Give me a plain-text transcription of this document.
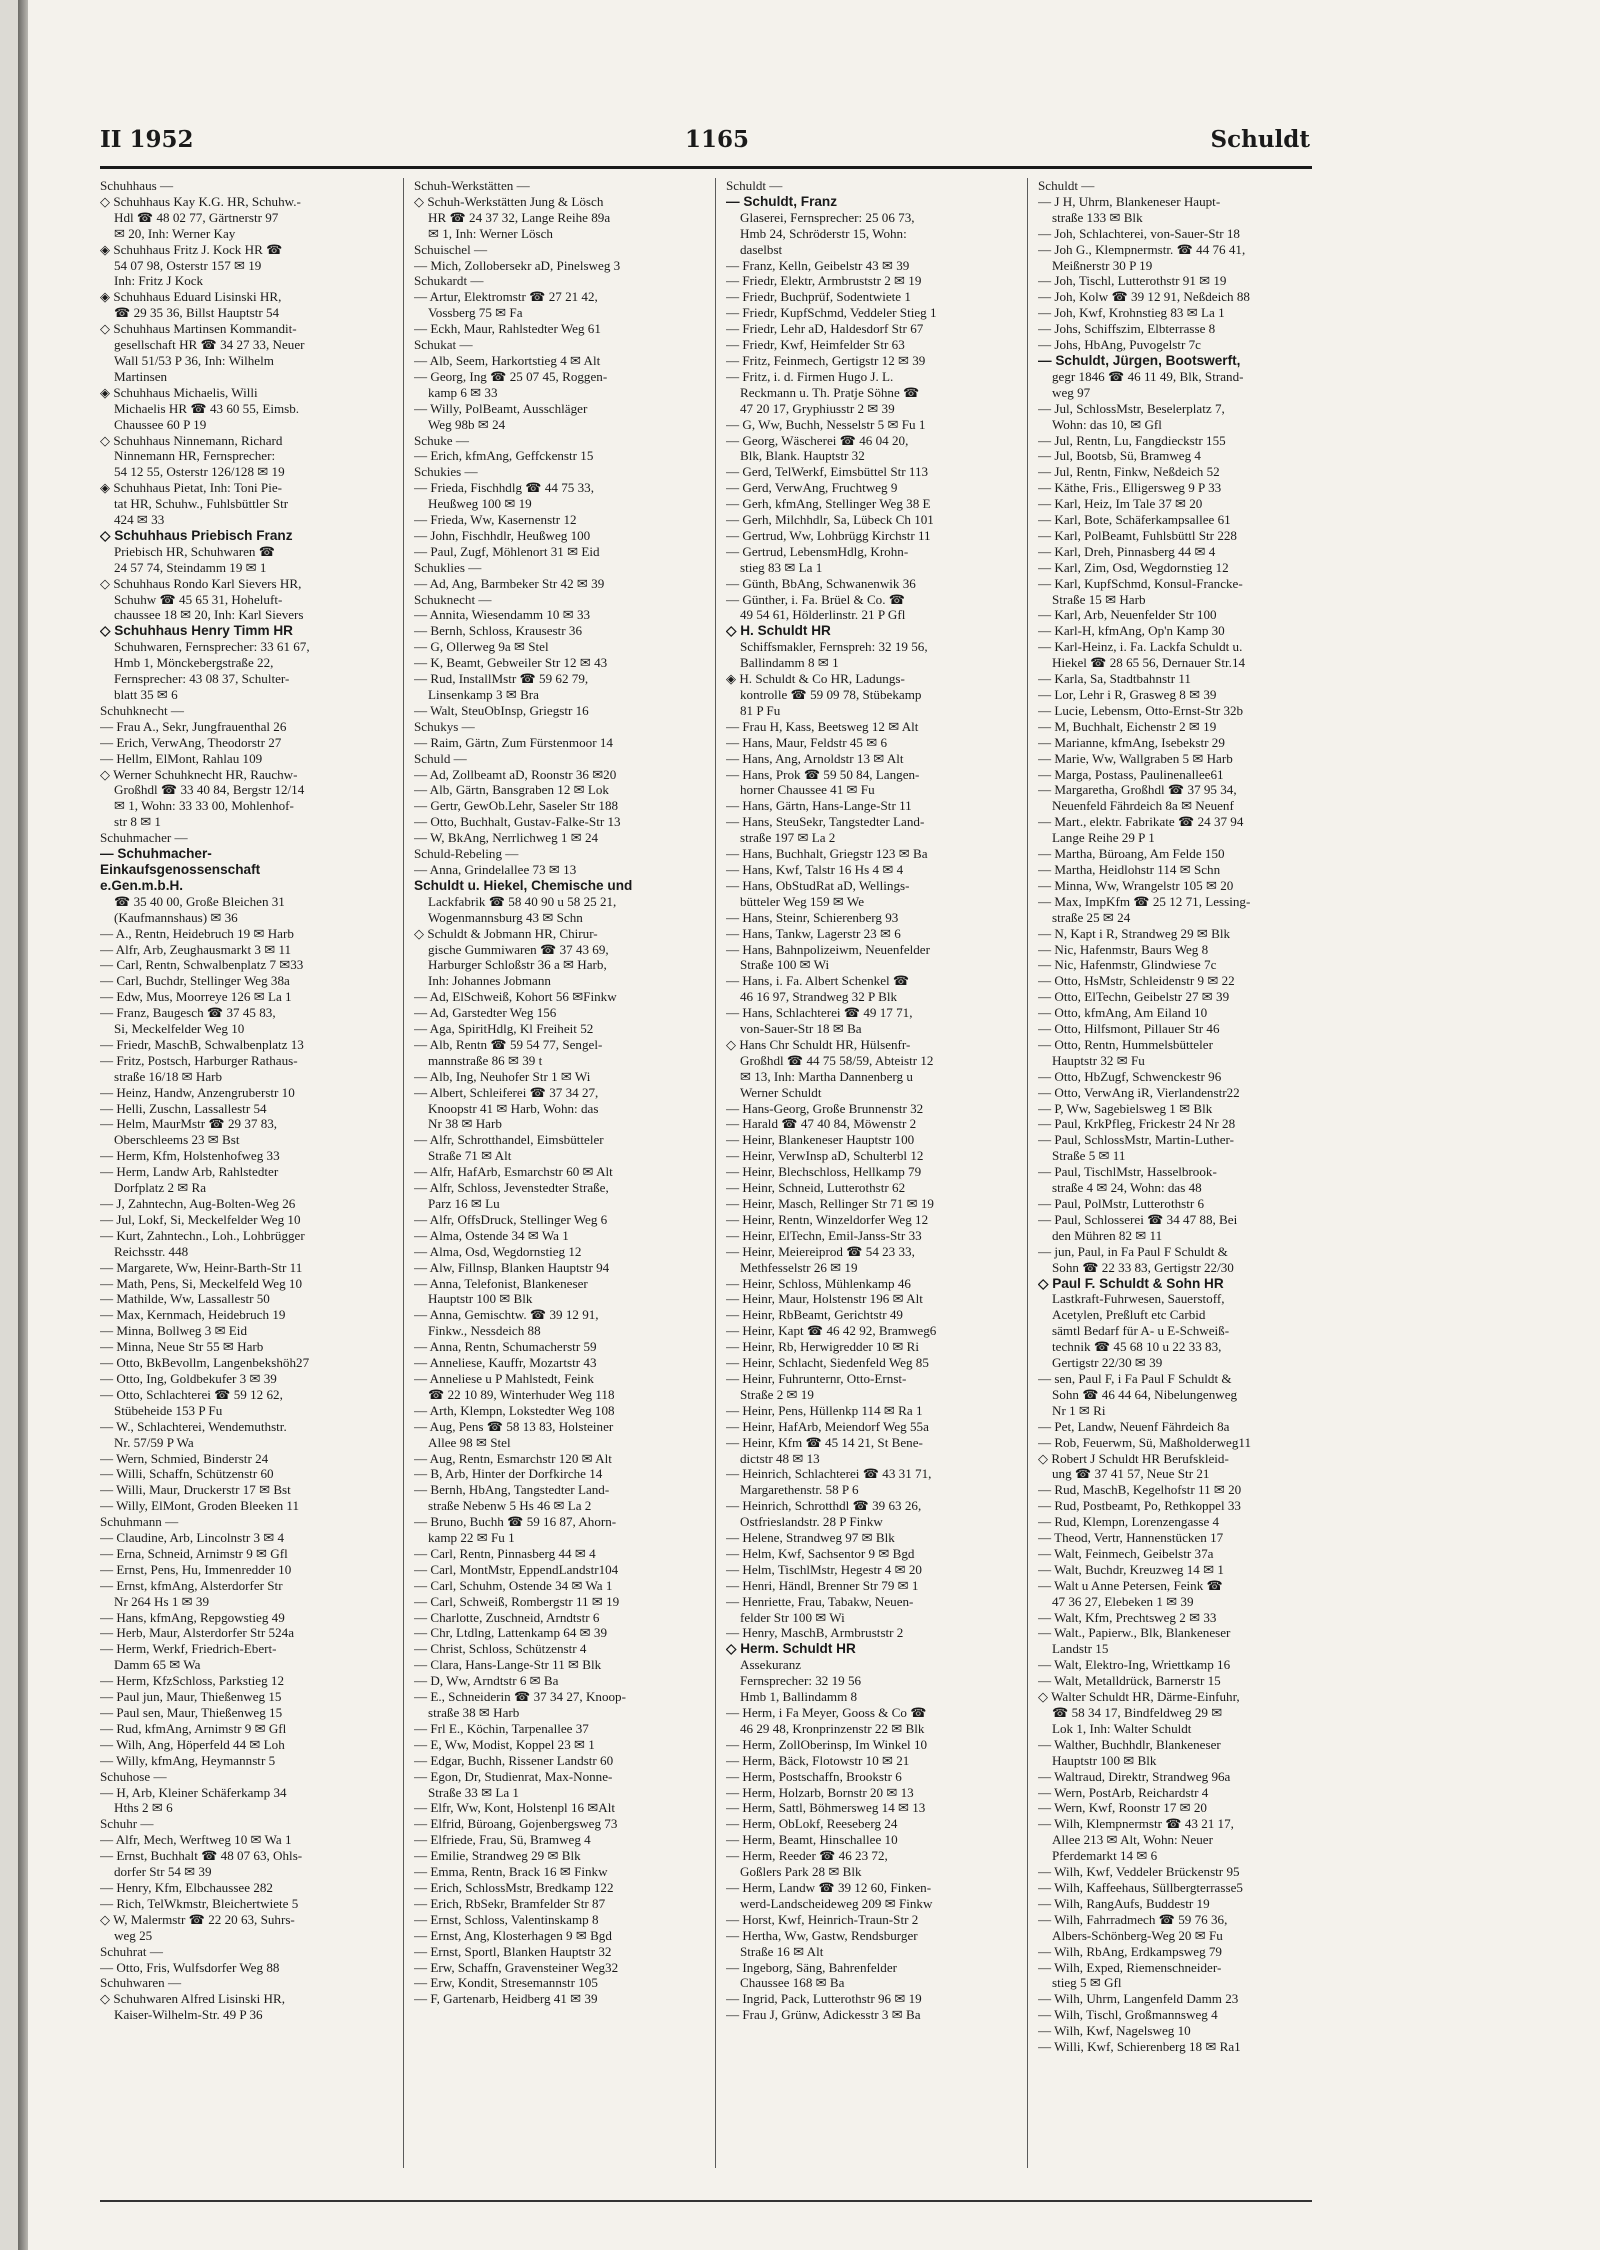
II 1952	1165	Schuldt
Schuhhaus —
◇ Schuhhaus Kay K.G. HR, Schuhw.-
Hdl ☎ 48 02 77, Gärtnerstr 97
✉ 20, Inh: Werner Kay
◈ Schuhhaus Fritz J. Kock HR ☎
54 07 98, Osterstr 157 ✉ 19
Inh: Fritz J Kock
◈ Schuhhaus Eduard Lisinski HR,
☎ 29 35 36, Billst Hauptstr 54
◇ Schuhhaus Martinsen Kommandit-
gesellschaft HR ☎ 34 27 33, Neuer
Wall 51/53 P 36, Inh: Wilhelm
Martinsen
◈ Schuhhaus Michaelis, Willi
Michaelis HR ☎ 43 60 55, Eimsb.
Chaussee 60 P 19
◇ Schuhhaus Ninnemann, Richard
Ninnemann HR, Fernsprecher:
54 12 55, Osterstr 126/128 ✉ 19
◈ Schuhhaus Pietat, Inh: Toni Pie-
tat HR, Schuhw., Fuhlsbüttler Str
424 ✉ 33
◇ Schuhhaus Priebisch Franz
Priebisch HR, Schuhwaren ☎
24 57 74, Steindamm 19 ✉ 1
◇ Schuhhaus Rondo Karl Sievers HR,
Schuhw ☎ 45 65 31, Hoheluft-
chaussee 18 ✉ 20, Inh: Karl Sievers
◇ Schuhhaus Henry Timm HR
Schuhwaren, Fernsprecher: 33 61 67,
Hmb 1, Mönckebergstraße 22,
Fernsprecher: 43 08 37, Schulter-
blatt 35 ✉ 6
Schuhknecht —
— Frau A., Sekr, Jungfrauenthal 26
— Erich, VerwAng, Theodorstr 27
— Hellm, ElMont, Rahlau 109
◇ Werner Schuhknecht HR, Rauchw-
Großhdl ☎ 33 40 84, Bergstr 12/14
✉ 1, Wohn: 33 33 00, Mohlenhof-
str 8 ✉ 1
Schuhmacher —
— Schuhmacher-
Einkaufsgenossenschaft
e.Gen.m.b.H.
☎ 35 40 00, Große Bleichen 31
(Kaufmannshaus) ✉ 36
— A., Rentn, Heidebruch 19 ✉ Harb
— Alfr, Arb, Zeughausmarkt 3 ✉ 11
— Carl, Rentn, Schwalbenplatz 7 ✉33
— Carl, Buchdr, Stellinger Weg 38a
— Edw, Mus, Moorreye 126 ✉ La 1
— Franz, Baugesch ☎ 37 45 83,
Si, Meckelfelder Weg 10
— Friedr, MaschB, Schwalbenplatz 13
— Fritz, Postsch, Harburger Rathaus-
straße 16/18 ✉ Harb
— Heinz, Handw, Anzengruberstr 10
— Helli, Zuschn, Lassallestr 54
— Helm, MaurMstr ☎ 29 37 83,
Oberschleems 23 ✉ Bst
— Herm, Kfm, Holstenhofweg 33
— Herm, Landw Arb, Rahlstedter
Dorfplatz 2 ✉ Ra
— J, Zahntechn, Aug-Bolten-Weg 26
— Jul, Lokf, Si, Meckelfelder Weg 10
— Kurt, Zahntechn., Loh., Lohbrügger
Reichsstr. 448
— Margarete, Ww, Heinr-Barth-Str 11
— Math, Pens, Si, Meckelfeld Weg 10
— Mathilde, Ww, Lassallestr 50
— Max, Kernmach, Heidebruch 19
— Minna, Bollweg 3 ✉ Eid
— Minna, Neue Str 55 ✉ Harb
— Otto, BkBevollm, Langenbekshöh27
— Otto, Ing, Goldbekufer 3 ✉ 39
— Otto, Schlachterei ☎ 59 12 62,
Stübeheide 153 P Fu
— W., Schlachterei, Wendemuthstr.
Nr. 57/59 P Wa
— Wern, Schmied, Binderstr 24
— Willi, Schaffn, Schützenstr 60
— Willi, Maur, Druckerstr 17 ✉ Bst
— Willy, ElMont, Groden Bleeken 11
Schuhmann —
— Claudine, Arb, Lincolnstr 3 ✉ 4
— Erna, Schneid, Arnimstr 9 ✉ Gfl
— Ernst, Pens, Hu, Immenredder 10
— Ernst, kfmAng, Alsterdorfer Str
Nr 264 Hs 1 ✉ 39
— Hans, kfmAng, Repgowstieg 49
— Herb, Maur, Alsterdorfer Str 524a
— Herm, Werkf, Friedrich-Ebert-
Damm 65 ✉ Wa
— Herm, KfzSchloss, Parkstieg 12
— Paul jun, Maur, Thießenweg 15
— Paul sen, Maur, Thießenweg 15
— Rud, kfmAng, Arnimstr 9 ✉ Gfl
— Wilh, Ang, Höperfeld 44 ✉ Loh
— Willy, kfmAng, Heymannstr 5
Schuhose —
— H, Arb, Kleiner Schäferkamp 34
Hths 2 ✉ 6
Schuhr —
— Alfr, Mech, Werftweg 10 ✉ Wa 1
— Ernst, Buchhalt ☎ 48 07 63, Ohls-
dorfer Str 54 ✉ 39
— Henry, Kfm, Elbchaussee 282
— Rich, TelWkmstr, Bleichertwiete 5
◇ W, Malermstr ☎ 22 20 63, Suhrs-
weg 25
Schuhrat —
— Otto, Fris, Wulfsdorfer Weg 88
Schuhwaren —
◇ Schuhwaren Alfred Lisinski HR,
Kaiser-Wilhelm-Str. 49 P 36
Schuh-Werkstätten —
◇ Schuh-Werkstätten Jung & Lösch
HR ☎ 24 37 32, Lange Reihe 89a
✉ 1, Inh: Werner Lösch
Schuischel —
— Mich, Zollobersekr aD, Pinelsweg 3
Schukardt —
— Artur, Elektromstr ☎ 27 21 42,
Vossberg 75 ✉ Fa
— Eckh, Maur, Rahlstedter Weg 61
Schukat —
— Alb, Seem, Harkortstieg 4 ✉ Alt
— Georg, Ing ☎ 25 07 45, Roggen-
kamp 6 ✉ 33
— Willy, PolBeamt, Ausschläger
Weg 98b ✉ 24
Schuke —
— Erich, kfmAng, Geffckenstr 15
Schukies —
— Frieda, Fischhdlg ☎ 44 75 33,
Heußweg 100 ✉ 19
— Frieda, Ww, Kasernenstr 12
— John, Fischhdlr, Heußweg 100
— Paul, Zugf, Möhlenort 31 ✉ Eid
Schuklies —
— Ad, Ang, Barmbeker Str 42 ✉ 39
Schuknecht —
— Annita, Wiesendamm 10 ✉ 33
— Bernh, Schloss, Krausestr 36
— G, Ollerweg 9a ✉ Stel
— K, Beamt, Gebweiler Str 12 ✉ 43
— Rud, InstallMstr ☎ 59 62 79,
Linsenkamp 3 ✉ Bra
— Walt, SteuObInsp, Griegstr 16
Schukys —
— Raim, Gärtn, Zum Fürstenmoor 14
Schuld —
— Ad, Zollbeamt aD, Roonstr 36 ✉20
— Alb, Gärtn, Bansgraben 12 ✉ Lok
— Gertr, GewOb.Lehr, Saseler Str 188
— Otto, Buchhalt, Gustav-Falke-Str 13
— W, BkAng, Nerrlichweg 1 ✉ 24
Schuld-Rebeling —
— Anna, Grindelallee 73 ✉ 13
Schuldt u. Hiekel, Chemische und
Lackfabrik ☎ 58 40 90 u 58 25 21,
Wogenmannsburg 43 ✉ Schn
◇ Schuldt & Jobmann HR, Chirur-
gische Gummiwaren ☎ 37 43 69,
Harburger Schloßstr 36 a ✉ Harb,
Inh: Johannes Jobmann
— Ad, ElSchweiß, Kohort 56 ✉Finkw
— Ad, Garstedter Weg 156
— Aga, SpiritHdlg, Kl Freiheit 52
— Alb, Rentn ☎ 59 54 77, Sengel-
mannstraße 86 ✉ 39 t
— Alb, Ing, Neuhofer Str 1 ✉ Wi
— Albert, Schleiferei ☎ 37 34 27,
Knoopstr 41 ✉ Harb, Wohn: das
Nr 38 ✉ Harb
— Alfr, Schrotthandel, Eimsbütteler
Straße 71 ✉ Alt
— Alfr, HafArb, Esmarchstr 60 ✉ Alt
— Alfr, Schloss, Jevenstedter Straße,
Parz 16 ✉ Lu
— Alfr, OffsDruck, Stellinger Weg 6
— Alma, Ostende 34 ✉ Wa 1
— Alma, Osd, Wegdornstieg 12
— Alw, Fillnsp, Blanken Hauptstr 94
— Anna, Telefonist, Blankeneser
Hauptstr 100 ✉ Blk
— Anna, Gemischtw. ☎ 39 12 91,
Finkw., Nessdeich 88
— Anna, Rentn, Schumacherstr 59
— Anneliese, Kauffr, Mozartstr 43
— Anneliese u P Mahlstedt, Feink
☎ 22 10 89, Winterhuder Weg 118
— Arth, Klempn, Lokstedter Weg 108
— Aug, Pens ☎ 58 13 83, Holsteiner
Allee 98 ✉ Stel
— Aug, Rentn, Esmarchstr 120 ✉ Alt
— B, Arb, Hinter der Dorfkirche 14
— Bernh, HbAng, Tangstedter Land-
straße Nebenw 5 Hs 46 ✉ La 2
— Bruno, Buchh ☎ 59 16 87, Ahorn-
kamp 22 ✉ Fu 1
— Carl, Rentn, Pinnasberg 44 ✉ 4
— Carl, MontMstr, EppendLandstr104
— Carl, Schuhm, Ostende 34 ✉ Wa 1
— Carl, Schweiß, Rombergstr 11 ✉ 19
— Charlotte, Zuschneid, Arndtstr 6
— Chr, Ltdlng, Lattenkamp 64 ✉ 39
— Christ, Schloss, Schützenstr 4
— Clara, Hans-Lange-Str 11 ✉ Blk
— D, Ww, Arndtstr 6 ✉ Ba
— E., Schneiderin ☎ 37 34 27, Knoop-
straße 38 ✉ Harb
— Frl E., Köchin, Tarpenallee 37
— E, Ww, Modist, Koppel 23 ✉ 1
— Edgar, Buchh, Rissener Landstr 60
— Egon, Dr, Studienrat, Max-Nonne-
Straße 33 ✉ La 1
— Elfr, Ww, Kont, Holstenpl 16 ✉Alt
— Elfrid, Büroang, Gojenbergsweg 73
— Elfriede, Frau, Sü, Bramweg 4
— Emilie, Strandweg 29 ✉ Blk
— Emma, Rentn, Brack 16 ✉ Finkw
— Erich, SchlossMstr, Bredkamp 122
— Erich, RbSekr, Bramfelder Str 87
— Ernst, Schloss, Valentinskamp 8
— Ernst, Ang, Klosterhagen 9 ✉ Bgd
— Ernst, Sportl, Blanken Hauptstr 32
— Erw, Schaffn, Gravensteiner Weg32
— Erw, Kondit, Stresemannstr 105
— F, Gartenarb, Heidberg 41 ✉ 39
Schuldt —
— Schuldt, Franz
Glaserei, Fernsprecher: 25 06 73,
Hmb 24, Schröderstr 15, Wohn:
daselbst
— Franz, Kelln, Geibelstr 43 ✉ 39
— Friedr, Elektr, Armbruststr 2 ✉ 19
— Friedr, Buchprüf, Sodentwiete 1
— Friedr, KupfSchmd, Veddeler Stieg 1
— Friedr, Lehr aD, Haldesdorf Str 67
— Friedr, Kwf, Heimfelder Str 63
— Fritz, Feinmech, Gertigstr 12 ✉ 39
— Fritz, i. d. Firmen Hugo J. L.
Reckmann u. Th. Pratje Söhne ☎
47 20 17, Gryphiusstr 2 ✉ 39
— G, Ww, Buchh, Nesselstr 5 ✉ Fu 1
— Georg, Wäscherei ☎ 46 04 20,
Blk, Blank. Hauptstr 32
— Gerd, TelWerkf, Eimsbüttel Str 113
— Gerd, VerwAng, Fruchtweg 9
— Gerh, kfmAng, Stellinger Weg 38 E
— Gerh, Milchhdlr, Sa, Lübeck Ch 101
— Gertrud, Ww, Lohbrügg Kirchstr 11
— Gertrud, LebensmHdlg, Krohn-
stieg 83 ✉ La 1
— Günth, BbAng, Schwanenwik 36
— Günther, i. Fa. Brüel & Co. ☎
49 54 61, Hölderlinstr. 21 P Gfl
◇ H. Schuldt HR
Schiffsmakler, Fernspreh: 32 19 56,
Ballindamm 8 ✉ 1
◈ H. Schuldt & Co HR, Ladungs-
kontrolle ☎ 59 09 78, Stübekamp
81 P Fu
— Frau H, Kass, Beetsweg 12 ✉ Alt
— Hans, Maur, Feldstr 45 ✉ 6
— Hans, Ang, Arnoldstr 13 ✉ Alt
— Hans, Prok ☎ 59 50 84, Langen-
horner Chaussee 41 ✉ Fu
— Hans, Gärtn, Hans-Lange-Str 11
— Hans, SteuSekr, Tangstedter Land-
straße 197 ✉ La 2
— Hans, Buchhalt, Griegstr 123 ✉ Ba
— Hans, Kwf, Talstr 16 Hs 4 ✉ 4
— Hans, ObStudRat aD, Wellings-
bütteler Weg 159 ✉ We
— Hans, Steinr, Schierenberg 93
— Hans, Tankw, Lagerstr 23 ✉ 6
— Hans, Bahnpolizeiwm, Neuenfelder
Straße 100 ✉ Wi
— Hans, i. Fa. Albert Schenkel ☎
46 16 97, Strandweg 32 P Blk
— Hans, Schlachterei ☎ 49 17 71,
von-Sauer-Str 18 ✉ Ba
◇ Hans Chr Schuldt HR, Hülsenfr-
Großhdl ☎ 44 75 58/59, Abteistr 12
✉ 13, Inh: Martha Dannenberg u
Werner Schuldt
— Hans-Georg, Große Brunnenstr 32
— Harald ☎ 47 40 84, Möwenstr 2
— Heinr, Blankeneser Hauptstr 100
— Heinr, VerwInsp aD, Schulterbl 12
— Heinr, Blechschloss, Hellkamp 79
— Heinr, Schneid, Lutterothstr 62
— Heinr, Masch, Rellinger Str 71 ✉ 19
— Heinr, Rentn, Winzeldorfer Weg 12
— Heinr, ElTechn, Emil-Janss-Str 33
— Heinr, Meiereiprod ☎ 54 23 33,
Methfesselstr 26 ✉ 19
— Heinr, Schloss, Mühlenkamp 46
— Heinr, Maur, Holstenstr 196 ✉ Alt
— Heinr, RbBeamt, Gerichtstr 49
— Heinr, Kapt ☎ 46 42 92, Bramweg6
— Heinr, Rb, Herwigredder 10 ✉ Ri
— Heinr, Schlacht, Siedenfeld Weg 85
— Heinr, Fuhrunternr, Otto-Ernst-
Straße 2 ✉ 19
— Heinr, Pens, Hüllenkp 114 ✉ Ra 1
— Heinr, HafArb, Meiendorf Weg 55a
— Heinr, Kfm ☎ 45 14 21, St Bene-
dictstr 48 ✉ 13
— Heinrich, Schlachterei ☎ 43 31 71,
Margarethenstr. 58 P 6
— Heinrich, Schrotthdl ☎ 39 63 26,
Ostfrieslandstr. 28 P Finkw
— Helene, Strandweg 97 ✉ Blk
— Helm, Kwf, Sachsentor 9 ✉ Bgd
— Helm, TischlMstr, Hegestr 4 ✉ 20
— Henri, Händl, Brenner Str 79 ✉ 1
— Henriette, Frau, Tabakw, Neuen-
felder Str 100 ✉ Wi
— Henry, MaschB, Armbruststr 2
◇ Herm. Schuldt HR
Assekuranz
Fernsprecher: 32 19 56
Hmb 1, Ballindamm 8
— Herm, i Fa Meyer, Gooss & Co ☎
46 29 48, Kronprinzenstr 22 ✉ Blk
— Herm, ZollOberinsp, Im Winkel 10
— Herm, Bäck, Flotowstr 10 ✉ 21
— Herm, Postschaffn, Brookstr 6
— Herm, Holzarb, Bornstr 20 ✉ 13
— Herm, Sattl, Böhmersweg 14 ✉ 13
— Herm, ObLokf, Reeseberg 24
— Herm, Beamt, Hinschallee 10
— Herm, Reeder ☎ 46 23 72,
Goßlers Park 28 ✉ Blk
— Herm, Landw ☎ 39 12 60, Finken-
werd-Landscheideweg 209 ✉ Finkw
— Horst, Kwf, Heinrich-Traun-Str 2
— Hertha, Ww, Gastw, Rendsburger
Straße 16 ✉ Alt
— Ingeborg, Säng, Bahrenfelder
Chaussee 168 ✉ Ba
— Ingrid, Pack, Lutterothstr 96 ✉ 19
— Frau J, Grünw, Adickesstr 3 ✉ Ba
Schuldt —
— J H, Uhrm, Blankeneser Haupt-
straße 133 ✉ Blk
— Joh, Schlachterei, von-Sauer-Str 18
— Joh G., Klempnermstr. ☎ 44 76 41,
Meißnerstr 30 P 19
— Joh, Tischl, Lutterothstr 91 ✉ 19
— Joh, Kolw ☎ 39 12 91, Neßdeich 88
— Joh, Kwf, Krohnstieg 83 ✉ La 1
— Johs, Schiffszim, Elbterrasse 8
— Johs, HbAng, Puvogelstr 7c
— Schuldt, Jürgen, Bootswerft,
gegr 1846 ☎ 46 11 49, Blk, Strand-
weg 97
— Jul, SchlossMstr, Beselerplatz 7,
Wohn: das 10, ✉ Gfl
— Jul, Rentn, Lu, Fangdieckstr 155
— Jul, Bootsb, Sü, Bramweg 4
— Jul, Rentn, Finkw, Neßdeich 52
— Käthe, Fris., Elligersweg 9 P 33
— Karl, Heiz, Im Tale 37 ✉ 20
— Karl, Bote, Schäferkampsallee 61
— Karl, PolBeamt, Fuhlsbüttl Str 228
— Karl, Dreh, Pinnasberg 44 ✉ 4
— Karl, Zim, Osd, Wegdornstieg 12
— Karl, KupfSchmd, Konsul-Francke-
Straße 15 ✉ Harb
— Karl, Arb, Neuenfelder Str 100
— Karl-H, kfmAng, Op'n Kamp 30
— Karl-Heinz, i. Fa. Lackfa Schuldt u.
Hiekel ☎ 28 65 56, Dernauer Str.14
— Karla, Sa, Stadtbahnstr 11
— Lor, Lehr i R, Grasweg 8 ✉ 39
— Lucie, Lebensm, Otto-Ernst-Str 32b
— M, Buchhalt, Eichenstr 2 ✉ 19
— Marianne, kfmAng, Isebekstr 29
— Marie, Ww, Wallgraben 5 ✉ Harb
— Marga, Postass, Paulinenallee61
— Margaretha, Großhdl ☎ 37 95 34,
Neuenfeld Fährdeich 8a ✉ Neuenf
— Mart., elektr. Fabrikate ☎ 24 37 94
Lange Reihe 29 P 1
— Martha, Büroang, Am Felde 150
— Martha, Heidlohstr 114 ✉ Schn
— Minna, Ww, Wrangelstr 105 ✉ 20
— Max, ImpKfm ☎ 25 12 71, Lessing-
straße 25 ✉ 24
— N, Kapt i R, Strandweg 29 ✉ Blk
— Nic, Hafenmstr, Baurs Weg 8
— Nic, Hafenmstr, Glindwiese 7c
— Otto, HsMstr, Schleidenstr 9 ✉ 22
— Otto, ElTechn, Geibelstr 27 ✉ 39
— Otto, kfmAng, Am Eiland 10
— Otto, Hilfsmont, Pillauer Str 46
— Otto, Rentn, Hummelsbütteler
Hauptstr 32 ✉ Fu
— Otto, HbZugf, Schwenckestr 96
— Otto, VerwAng iR, Vierlandenstr22
— P, Ww, Sagebielsweg 1 ✉ Blk
— Paul, KrkPfleg, Frickestr 24 Nr 28
— Paul, SchlossMstr, Martin-Luther-
Straße 5 ✉ 11
— Paul, TischlMstr, Hasselbrook-
straße 4 ✉ 24, Wohn: das 48
— Paul, PolMstr, Lutterothstr 6
— Paul, Schlosserei ☎ 34 47 88, Bei
den Mühren 82 ✉ 11
— jun, Paul, in Fa Paul F Schuldt &
Sohn ☎ 22 33 83, Gertigstr 22/30
◇ Paul F. Schuldt & Sohn HR
Lastkraft-Fuhrwesen, Sauerstoff,
Acetylen, Preßluft etc Carbid
sämtl Bedarf für A- u E-Schweiß-
technik ☎ 45 68 10 u 22 33 83,
Gertigstr 22/30 ✉ 39
— sen, Paul F, i Fa Paul F Schuldt &
Sohn ☎ 46 44 64, Nibelungenweg
Nr 1 ✉ Ri
— Pet, Landw, Neuenf Fährdeich 8a
— Rob, Feuerwm, Sü, Maßholderweg11
◇ Robert J Schuldt HR Berufskleid-
ung ☎ 37 41 57, Neue Str 21
— Rud, MaschB, Kegelhofstr 11 ✉ 20
— Rud, Postbeamt, Po, Rethkoppel 33
— Rud, Klempn, Lorenzengasse 4
— Theod, Vertr, Hannenstücken 17
— Walt, Feinmech, Geibelstr 37a
— Walt, Buchdr, Kreuzweg 14 ✉ 1
— Walt u Anne Petersen, Feink ☎
47 36 27, Elebeken 1 ✉ 39
— Walt, Kfm, Prechtsweg 2 ✉ 33
— Walt., Papierw., Blk, Blankeneser
Landstr 15
— Walt, Elektro-Ing, Wriettkamp 16
— Walt, Metalldrück, Barnerstr 15
◇ Walter Schuldt HR, Därme-Einfuhr,
☎ 58 34 17, Bindfeldweg 29 ✉
Lok 1, Inh: Walter Schuldt
— Walther, Buchhdlr, Blankeneser
Hauptstr 100 ✉ Blk
— Waltraud, Direktr, Strandweg 96a
— Wern, PostArb, Reichardstr 4
— Wern, Kwf, Roonstr 17 ✉ 20
— Wilh, Klempnermstr ☎ 43 21 17,
Allee 213 ✉ Alt, Wohn: Neuer
Pferdemarkt 14 ✉ 6
— Wilh, Kwf, Veddeler Brückenstr 95
— Wilh, Kaffeehaus, Süllbergterrasse5
— Wilh, RangAufs, Buddestr 19
— Wilh, Fahrradmech ☎ 59 76 36,
Albers-Schönberg-Weg 20 ✉ Fu
— Wilh, RbAng, Erdkampsweg 79
— Wilh, Exped, Riemenschneider-
stieg 5 ✉ Gfl
— Wilh, Uhrm, Langenfeld Damm 23
— Wilh, Tischl, Großmannsweg 4
— Wilh, Kwf, Nagelsweg 10
— Willi, Kwf, Schierenberg 18 ✉ Ra1
